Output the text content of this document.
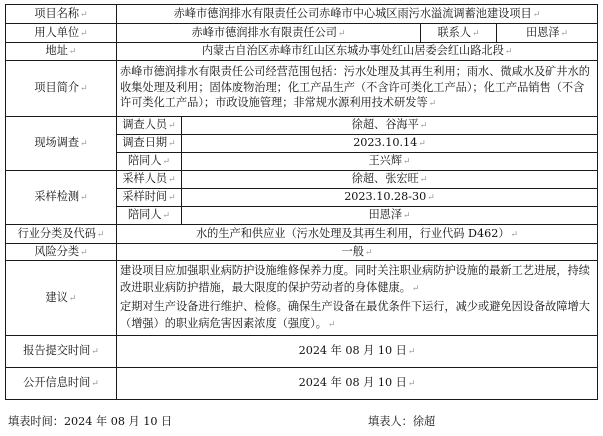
项目名称↵	赤峰市德润排水有限责任公司赤峰市中心城区雨污水溢流调蓄池建设项目↵			
用人单位↵	赤峰市德润排水有限责任公司↵		联系人↵	田恩泽↵
地址↵	内蒙古自治区赤峰市红山区东城办事处红山居委会红山路北段↵			
项目简介↵	赤峰市德润排水有限责任公司经营范围包括：污水处理及其再生利用；雨水、微咸水及矿井水的收集处理及利用；固体废物治理；化工产品生产（不含许可类化工产品）；化工产品销售（不含许可类化工产品）；市政设施管理；非常规水源利用技术研发等↵			
现场调查↵	调查人员↵	徐超、谷海平↵		
	调查日期↵	2023.10.14↵		
	陪同人↵	王兴辉↵		
采样检测↵	采样人员↵	徐超、张宏旺↵		
	采样时间↵	2023.10.28-30↵		
	陪同人↵	田恩泽↵		
行业分类及代码↵	水的生产和供应业（污水处理及其再生利用，行业代码 D462）↵			
风险分类↵	一般↵			
建议↵	建设项目应加强职业病防护设施维修保养力度。同时关注职业病防护设施的最新工艺进展，持续改进职业病防护措施，最大限度的保护劳动者的身体健康。↵
定期对生产设备进行维护、检修。确保生产设备在最优条件下运行，减少或避免因设备故障增大（增强）的职业病危害因素浓度（强度）。↵			

报告提交时间↵	2024 年 08 月 10 日↵			
公开信息时间↵	2024 年 08 月 10 日↵			
填表时间：2024 年 08 月 10 日	填表人：徐超
